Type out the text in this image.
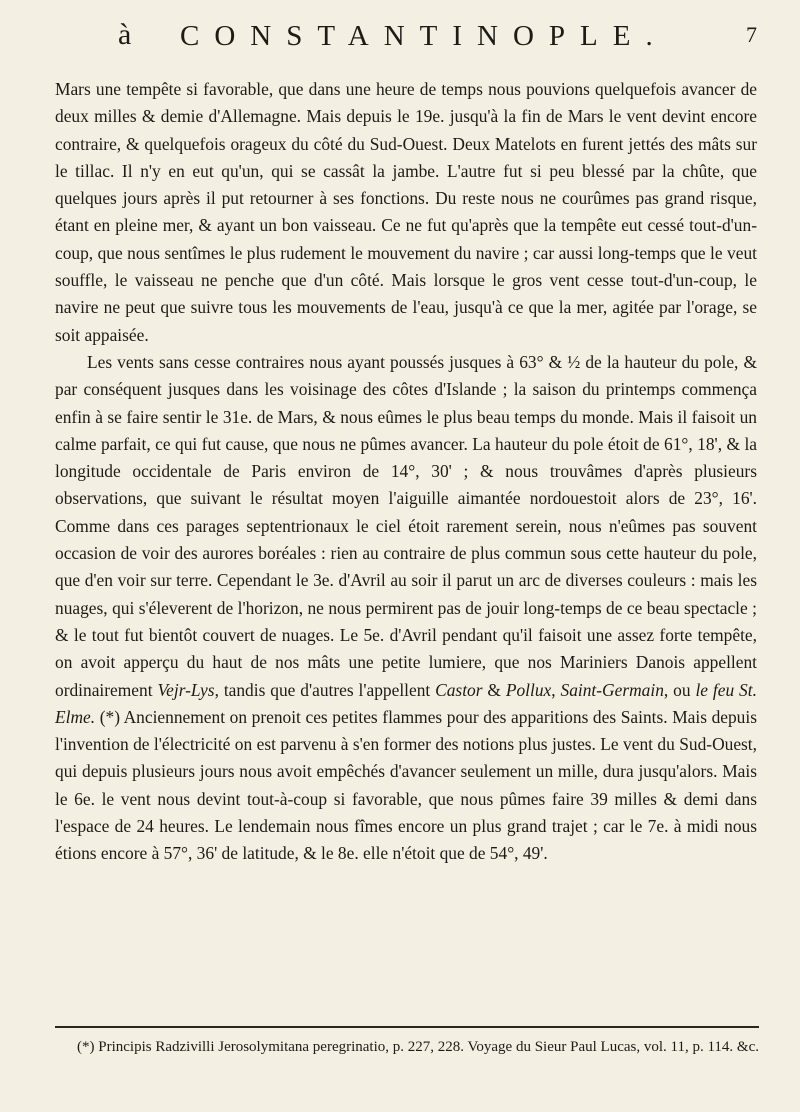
à CONSTANTINOPLE.	7

Mars une tempête si favorable, que dans une heure de temps nous pouvions quelquefois avancer de deux milles & demie d'Allemagne. Mais depuis le 19e. jusqu'à la fin de Mars le vent devint encore contraire, & quelquefois orageux du côté du Sud-Ouest. Deux Matelots en furent jettés des mâts sur le tillac. Il n'y en eut qu'un, qui se cassât la jambe. L'autre fut si peu blessé par la chûte, que quelques jours après il put retourner à ses fonctions. Du reste nous ne courûmes pas grand risque, étant en pleine mer, & ayant un bon vaisseau. Ce ne fut qu'après que la tempête eut cessé tout-d'un-coup, que nous sentîmes le plus rudement le mouvement du navire ; car aussi long-temps que le veut souffle, le vaisseau ne penche que d'un côté. Mais lorsque le gros vent cesse tout-d'un-coup, le navire ne peut que suivre tous les mouvements de l'eau, jusqu'à ce que la mer, agitée par l'orage, se soit appaisée.

Les vents sans cesse contraires nous ayant poussés jusques à 63° & ½ de la hauteur du pole, & par conséquent jusques dans les voisinage des côtes d'Islande ; la saison du printemps commença enfin à se faire sentir le 31e. de Mars, & nous eûmes le plus beau temps du monde. Mais il faisoit un calme parfait, ce qui fut cause, que nous ne pûmes avancer. La hauteur du pole étoit de 61°, 18', & la longitude occidentale de Paris environ de 14°, 30' ; & nous trouvâmes d'après plusieurs observations, que suivant le résultat moyen l'aiguille aimantée nordouestoit alors de 23°, 16'. Comme dans ces parages septentrionaux le ciel étoit rarement serein, nous n'eûmes pas souvent occasion de voir des aurores boréales : rien au contraire de plus commun sous cette hauteur du pole, que d'en voir sur terre. Cependant le 3e. d'Avril au soir il parut un arc de diverses couleurs : mais les nuages, qui s'éleverent de l'horizon, ne nous permirent pas de jouir long-temps de ce beau spectacle ; & le tout fut bientôt couvert de nuages. Le 5e. d'Avril pendant qu'il faisoit une assez forte tempête, on avoit apperçu du haut de nos mâts une petite lumiere, que nos Mariniers Danois appellent ordinairement Vejr-Lys, tandis que d'autres l'appellent Castor & Pollux, Saint-Germain, ou le feu St. Elme. (*) Anciennement on prenoit ces petites flammes pour des apparitions des Saints. Mais depuis l'invention de l'électricité on est parvenu à s'en former des notions plus justes. Le vent du Sud-Ouest, qui depuis plusieurs jours nous avoit empêchés d'avancer seulement un mille, dura jusqu'alors. Mais le 6e. le vent nous devint tout-à-coup si favorable, que nous pûmes faire 39 milles & demi dans l'espace de 24 heures. Le lendemain nous fîmes encore un plus grand trajet ; car le 7e. à midi nous étions encore à 57°, 36' de latitude, & le 8e. elle n'étoit que de 54°, 49'.

(*) Principis Radzivilli Jerosolymitana peregrinatio, p. 227, 228. Voyage du Sieur Paul Lucas, vol. 11, p. 114. &c.
